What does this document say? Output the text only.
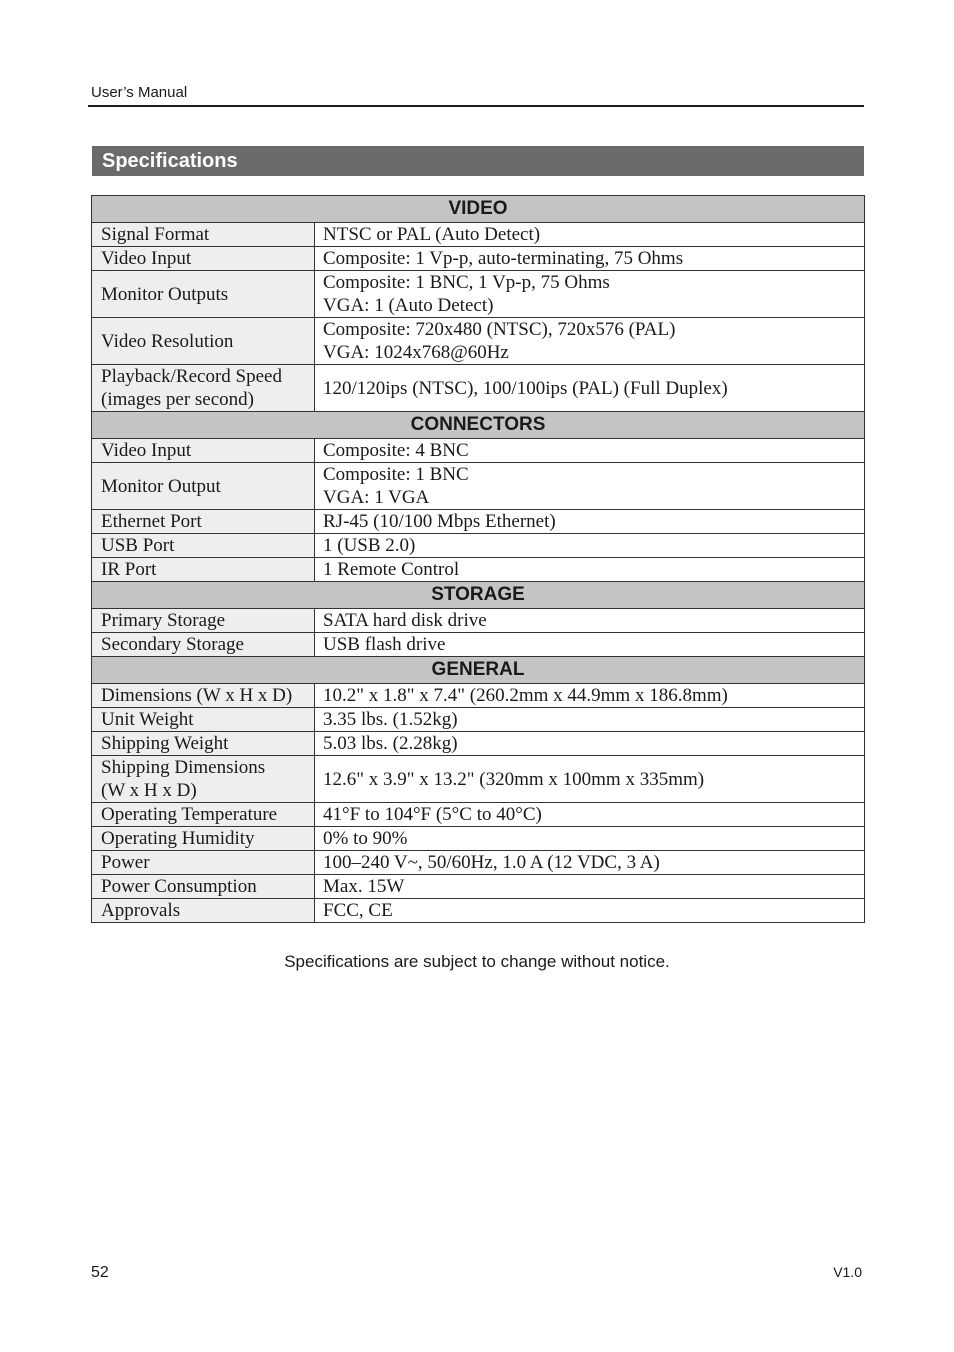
User’s Manual
Specifications
VIDEO	

Signal Format	NTSC or PAL (Auto Detect)

Video Input	Composite: 1 Vp-p, auto-terminating, 75 Ohms

Monitor Outputs	Composite: 1 BNC, 1 Vp-p, 75 Ohms
VGA: 1 (Auto Detect)

Video Resolution	Composite: 720x480 (NTSC), 720x576 (PAL)
VGA: 1024x768@60Hz

Playback/Record Speed
(images per second)	120/120ips (NTSC), 100/100ips (PAL) (Full Duplex)

CONNECTORS	

Video Input	Composite: 4 BNC

Monitor Output	Composite: 1 BNC
VGA: 1 VGA

Ethernet Port	RJ-45 (10/100 Mbps Ethernet)

USB Port	1 (USB 2.0)

IR Port	1 Remote Control

STORAGE	

Primary Storage	SATA hard disk drive

Secondary Storage	USB flash drive

GENERAL	

Dimensions (W x H x D)	10.2" x 1.8" x 7.4" (260.2mm x 44.9mm x 186.8mm)

Unit Weight	3.35 lbs. (1.52kg)

Shipping Weight	5.03 lbs. (2.28kg)

Shipping Dimensions
(W x H x D)	12.6" x 3.9" x 13.2" (320mm x 100mm x 335mm)

Operating Temperature	41°F to 104°F (5°C to 40°C)

Operating Humidity	0% to 90%

Power	100–240 V~, 50/60Hz, 1.0 A (12 VDC, 3 A)

Power Consumption	Max. 15W

Approvals	FCC, CE
Specifications are subject to change without notice.
52	V1.0
